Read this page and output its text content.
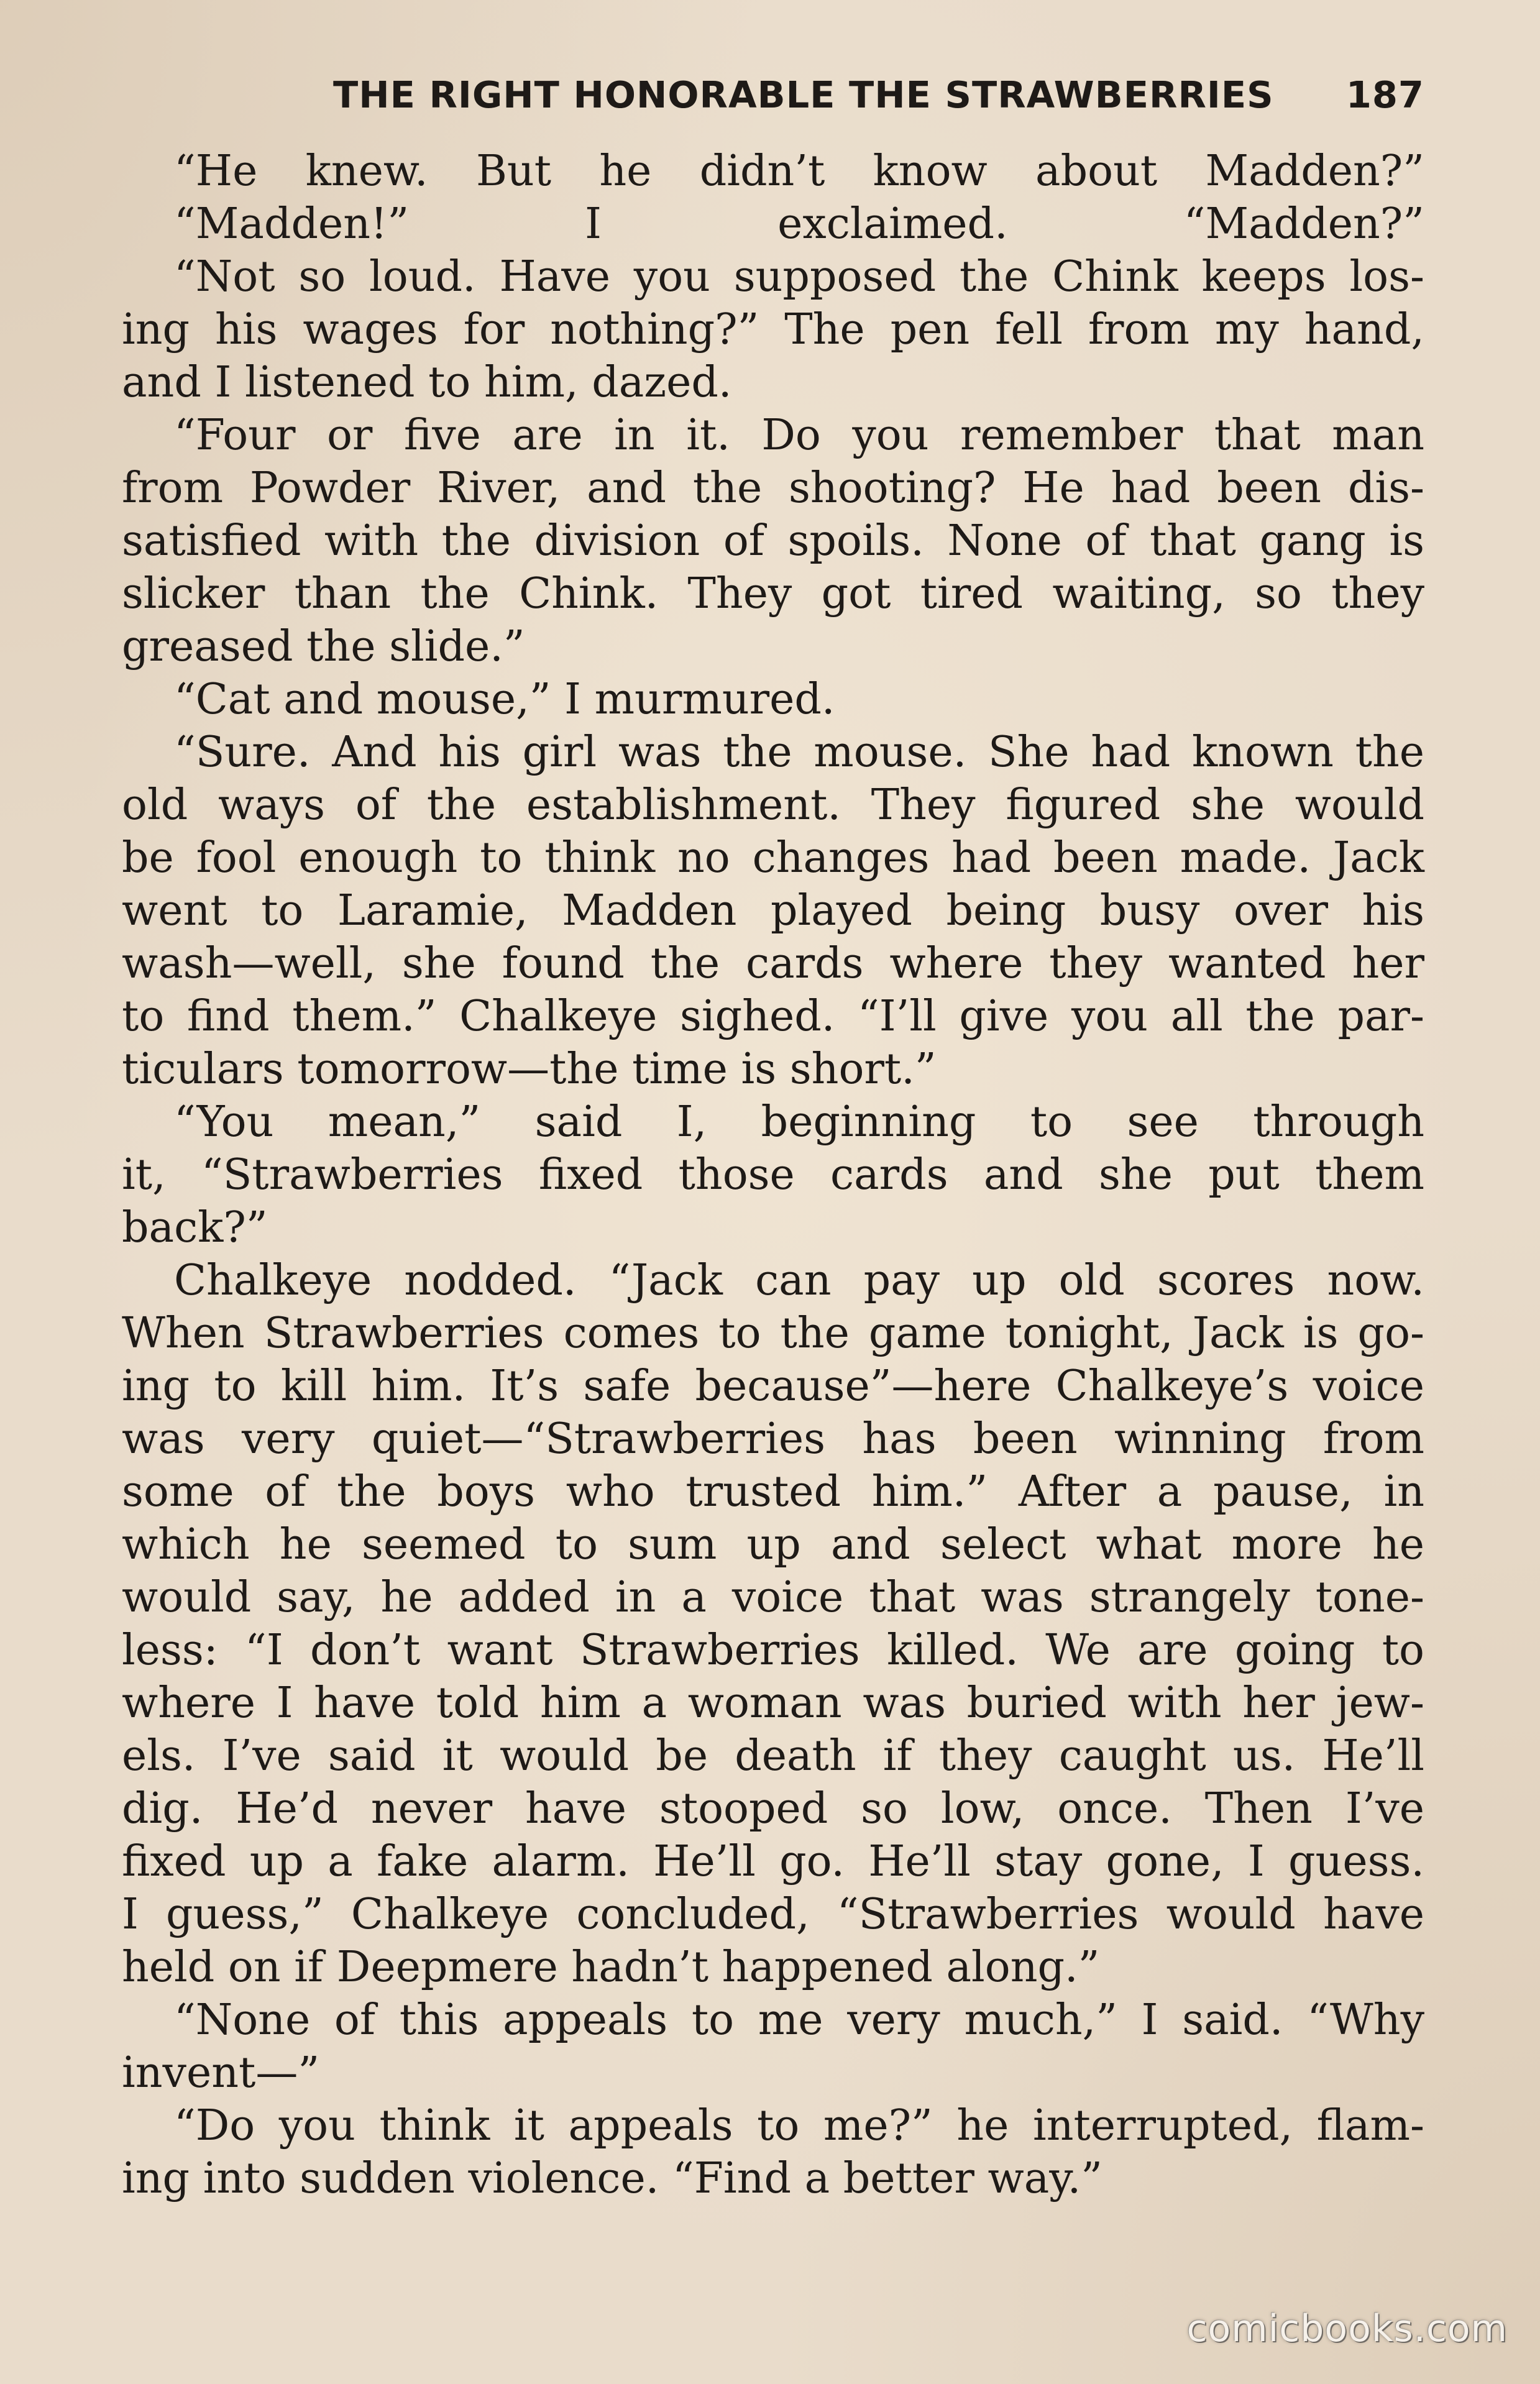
THE RIGHT HONORABLE THE STRAWBERRIES 187
“He knew. But he didn’t know about Madden?”
“Madden!” I exclaimed. “Madden?”
“Not so loud. Have you supposed the Chink keeps los-
ing his wages for nothing?” The pen fell from my hand,
and I listened to him, dazed.
“Four or five are in it. Do you remember that man
from Powder River, and the shooting? He had been dis-
satisfied with the division of spoils. None of that gang is
slicker than the Chink. They got tired waiting, so they
greased the slide.”
“Cat and mouse,” I murmured.
“Sure. And his girl was the mouse. She had known the
old ways of the establishment. They figured she would
be fool enough to think no changes had been made. Jack
went to Laramie, Madden played being busy over his
wash—well, she found the cards where they wanted her
to find them.” Chalkeye sighed. “I’ll give you all the par-
ticulars tomorrow—the time is short.”
“You mean,” said I, beginning to see through
it, “Strawberries fixed those cards and she put them
back?”
Chalkeye nodded. “Jack can pay up old scores now.
When Strawberries comes to the game tonight, Jack is go-
ing to kill him. It’s safe because”—here Chalkeye’s voice
was very quiet—“Strawberries has been winning from
some of the boys who trusted him.” After a pause, in
which he seemed to sum up and select what more he
would say, he added in a voice that was strangely tone-
less: “I don’t want Strawberries killed. We are going to
where I have told him a woman was buried with her jew-
els. I’ve said it would be death if they caught us. He’ll
dig. He’d never have stooped so low, once. Then I’ve
fixed up a fake alarm. He’ll go. He’ll stay gone, I guess.
I guess,” Chalkeye concluded, “Strawberries would have
held on if Deepmere hadn’t happened along.”
“None of this appeals to me very much,” I said. “Why
invent—”
“Do you think it appeals to me?” he interrupted, flam-
ing into sudden violence. “Find a better way.”
comicbooks.com
